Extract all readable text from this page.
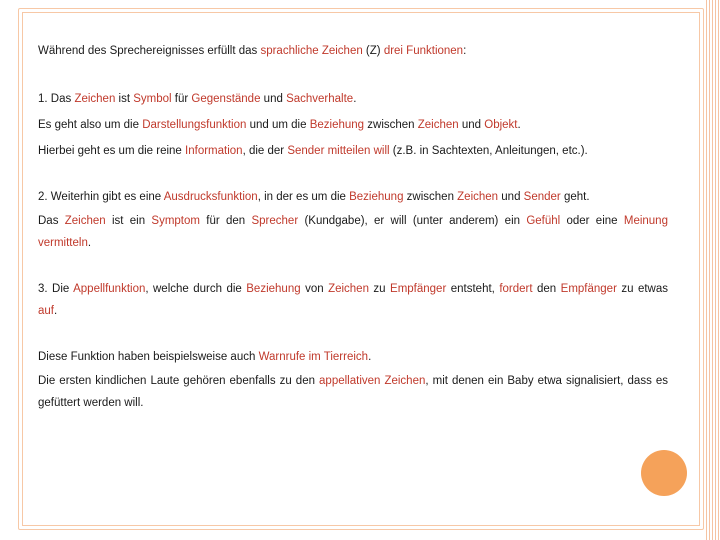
Während des Sprechereignisses erfüllt das sprachliche Zeichen (Z) drei Funktionen:

1. Das Zeichen ist Symbol für Gegenstände und Sachverhalte.

Es geht also um die Darstellungsfunktion und um die Beziehung zwischen Zeichen und Objekt.

Hierbei geht es um die reine Information, die der Sender mitteilen will (z.B. in Sachtexten, Anleitungen, etc.).

2. Weiterhin gibt es eine Ausdrucksfunktion, in der es um die Beziehung zwischen Zeichen und Sender geht.

Das Zeichen ist ein Symptom für den Sprecher (Kundgabe), er will (unter anderem) ein Gefühl oder eine Meinung vermitteln.

3. Die Appellfunktion, welche durch die Beziehung von Zeichen zu Empfänger entsteht, fordert den Empfänger zu etwas auf.

Diese Funktion haben beispielsweise auch Warnrufe im Tierreich.

Die ersten kindlichen Laute gehören ebenfalls zu den appellativen Zeichen, mit denen ein Baby etwa signalisiert, dass es gefüttert werden will.
